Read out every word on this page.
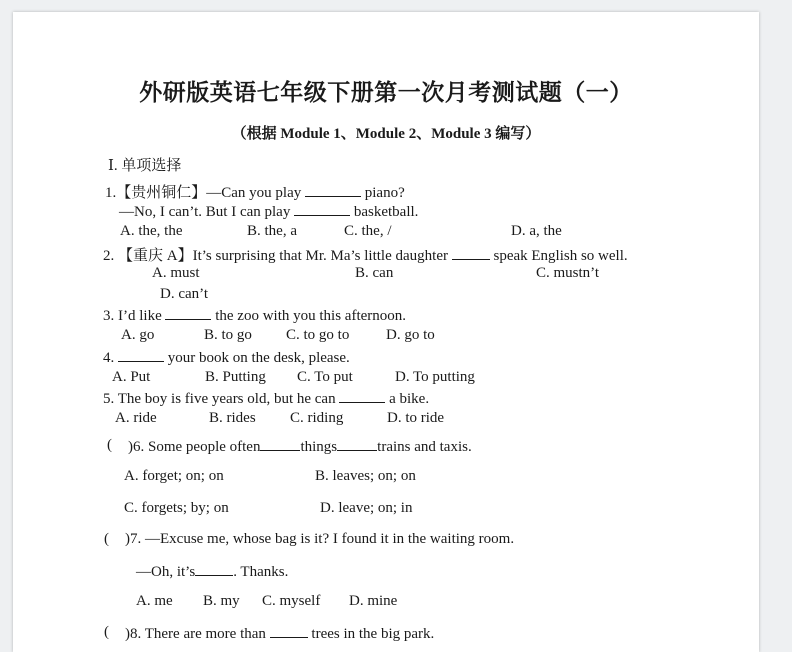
外研版英语七年级下册第一次月考测试题（一）
（根据 Module 1、Module 2、Module 3 编写）
Ⅰ. 单项选择
1.【贵州铜仁】—Can you play	piano?
—No, I can’t. But I can play	basketball.
A. the, the	B. the, a	C. the, /	D. a, the
2. 【重庆 A】It’s surprising that Mr. Ma’s little daughter	speak English so well.
A. must	B. can	C. mustn’t
D. can’t
3. I’d like	the zoo with you this afternoon.
A. go	B. to go C. to go to D. go to
4.	your book on the desk, please.
A. Put	B. Putting C. To put	D. To putting
5. The boy is five years old, but he can	a bike.
A. ride	B. rides C. riding	D. to ride
( )6. Some people often	things	trains and taxis.
A. forget; on; on	B. leaves; on; on
C. forgets; by; on	D. leave; on; in
( )7. —Excuse me, whose bag is it? I found it in the waiting room.
—Oh, it’s	. Thanks.
A. me B. my C. myself D. mine
( )8. There are more than	trees in the big park.
